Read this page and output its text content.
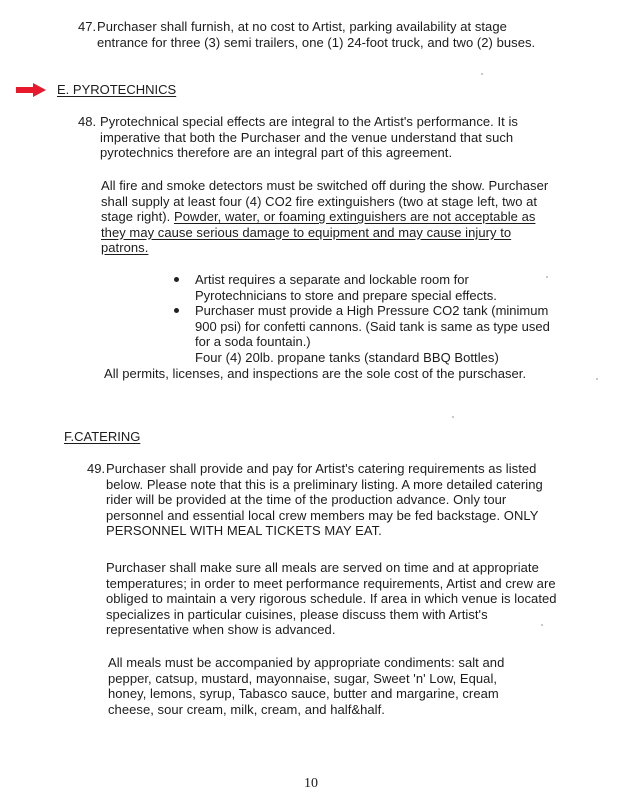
47. Purchaser shall furnish, at no cost to Artist, parking availability at stage entrance for three (3) semi trailers, one (1) 24-foot truck, and two (2) buses.
E. PYROTECHNICS
48. Pyrotechnical special effects are integral to the Artist's performance. It is imperative that both the Purchaser and the venue understand that such pyrotechnics therefore are an integral part of this agreement.
All fire and smoke detectors must be switched off during the show. Purchaser shall supply at least four (4) CO2 fire extinguishers (two at stage left, two at stage right). Powder, water, or foaming extinguishers are not acceptable as they may cause serious damage to equipment and may cause injury to patrons.
Artist requires a separate and lockable room for Pyrotechnicians to store and prepare special effects.
Purchaser must provide a High Pressure CO2 tank (minimum 900 psi) for confetti cannons. (Said tank is same as type used for a soda fountain.)
Four (4) 20lb. propane tanks (standard BBQ Bottles)
All permits, licenses, and inspections are the sole cost of the purschaser.
F.CATERING
49. Purchaser shall provide and pay for Artist's catering requirements as listed below. Please note that this is a preliminary listing. A more detailed catering rider will be provided at the time of the production advance. Only tour personnel and essential local crew members may be fed backstage. ONLY PERSONNEL WITH MEAL TICKETS MAY EAT.
Purchaser shall make sure all meals are served on time and at appropriate temperatures; in order to meet performance requirements, Artist and crew are obliged to maintain a very rigorous schedule. If area in which venue is located specializes in particular cuisines, please discuss them with Artist's representative when show is advanced.
All meals must be accompanied by appropriate condiments: salt and pepper, catsup, mustard, mayonnaise, sugar, Sweet 'n' Low, Equal, honey, lemons, syrup, Tabasco sauce, butter and margarine, cream cheese, sour cream, milk, cream, and half&half.
10
